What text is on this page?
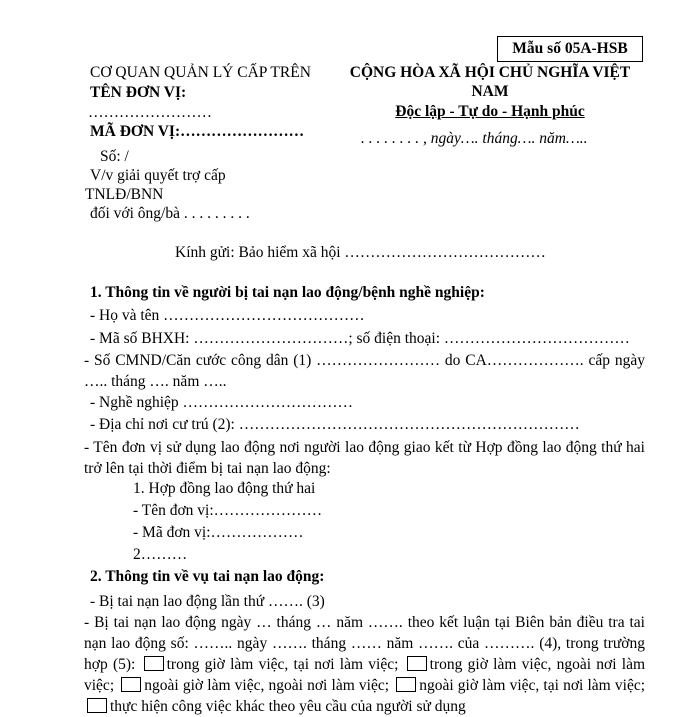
Mẫu số 05A-HSB
CƠ QUAN QUẢN LÝ CẤP TRÊN
TÊN ĐƠN VỊ:
……………………
MÃ ĐƠN VỊ:……………………
Số: /
V/v giải quyết trợ cấp
TNLĐ/BNN
đối với ông/bà . . . . . . . . .
CỘNG HÒA XÃ HỘI CHỦ NGHĨA VIỆT
NAM
Độc lập - Tự do - Hạnh phúc
. . . . . . . . , ngày…. tháng…. năm…..
Kính gửi: Bảo hiểm xã hội …………………………………
1. Thông tin về người bị tai nạn lao động/bệnh nghề nghiệp:
- Họ và tên …………………………………
- Mã số BHXH: …………………………; số điện thoại: ………………………………
- Số CMND/Căn cước công dân (1) …………………… do CA………………. cấp ngày ….. tháng …. năm …..
- Nghề nghiệp ……………………………
- Địa chỉ nơi cư trú (2): …………………………………………………………
- Tên đơn vị sử dụng lao động nơi người lao động giao kết từ Hợp đồng lao động thứ hai trở lên tại thời điểm bị tai nạn lao động:
1. Hợp đồng lao động thứ hai
- Tên đơn vị:…………………
- Mã đơn vị:………………
2………
2. Thông tin về vụ tai nạn lao động:
- Bị tai nạn lao động lần thứ ……. (3)
- Bị tai nạn lao động ngày … tháng … năm ……. theo kết luận tại Biên bản điều tra tai nạn lao động số: …….. ngày ……. tháng …… năm ……. của ………. (4), trong trường hợp (5): trong giờ làm việc, tại nơi làm việc; trong giờ làm việc, ngoài nơi làm việc; ngoài giờ làm việc, ngoài nơi làm việc; ngoài giờ làm việc, tại nơi làm việc; thực hiện công việc khác theo yêu cầu của người sử dụng
